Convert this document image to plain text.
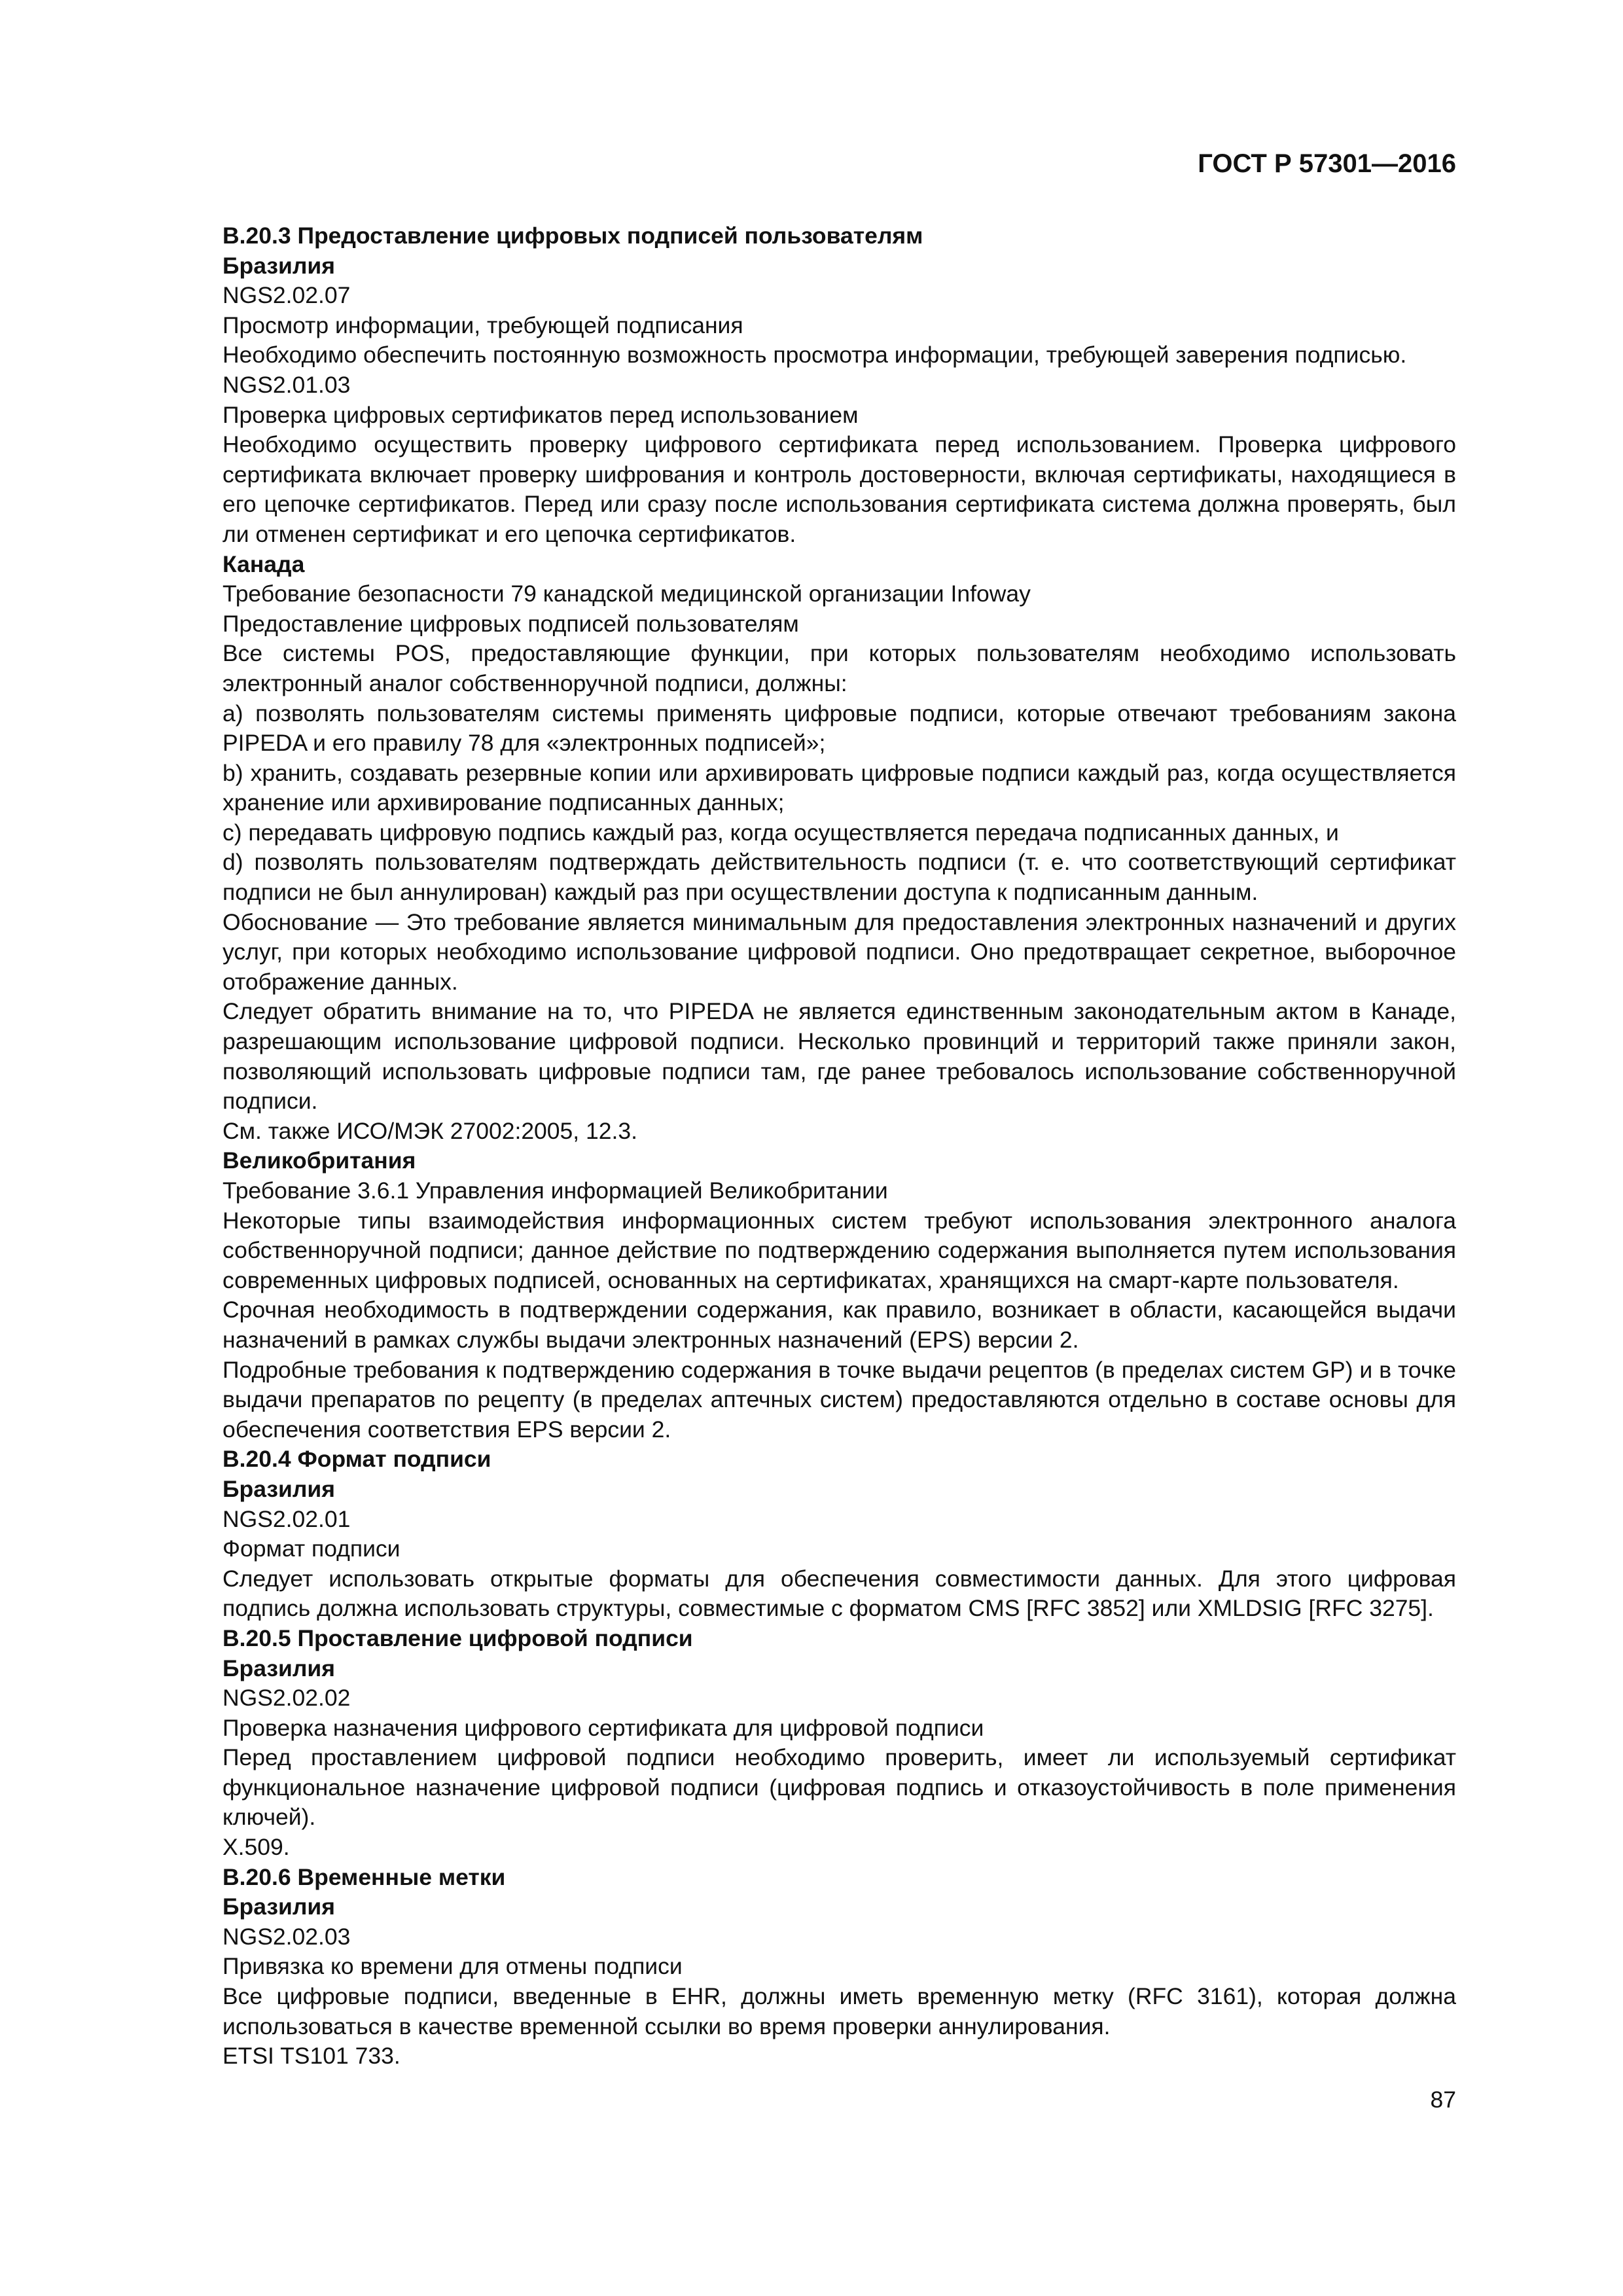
ГОСТ Р 57301—2016

В.20.3 Предоставление цифровых подписей пользователям

Бразилия

NGS2.02.07

Просмотр информации, требующей подписания

Необходимо обеспечить постоянную возможность просмотра информации, требующей заверения подписью.

NGS2.01.03

Проверка цифровых сертификатов перед использованием

Необходимо осуществить проверку цифрового сертификата перед использованием. Проверка цифрового сертификата включает проверку шифрования и контроль достоверности, включая сертификаты, находящиеся в его цепочке сертификатов. Перед или сразу после использования сертификата система должна проверять, был ли отменен сертификат и его цепочка сертификатов.

Канада

Требование безопасности 79 канадской медицинской организации Infoway

Предоставление цифровых подписей пользователям

Все системы POS, предоставляющие функции, при которых пользователям необходимо использовать электронный аналог собственноручной подписи, должны:

a) позволять пользователям системы применять цифровые подписи, которые отвечают требованиям закона PIPEDA и его правилу 78 для «электронных подписей»;

b) хранить, создавать резервные копии или архивировать цифровые подписи каждый раз, когда осуществляется хранение или архивирование подписанных данных;

c) передавать цифровую подпись каждый раз, когда осуществляется передача подписанных данных, и

d) позволять пользователям подтверждать действительность подписи (т. е. что соответствующий сертификат подписи не был аннулирован) каждый раз при осуществлении доступа к подписанным данным.

Обоснование — Это требование является минимальным для предоставления электронных назначений и других услуг, при которых необходимо использование цифровой подписи. Оно предотвращает секретное, выборочное отображение данных.

Следует обратить внимание на то, что PIPEDA не является единственным законодательным актом в Канаде, разрешающим использование цифровой подписи. Несколько провинций и территорий также приняли закон, позволяющий использовать цифровые подписи там, где ранее требовалось использование собственноручной подписи.

См. также ИСО/МЭК 27002:2005, 12.3.

Великобритания

Требование 3.6.1 Управления информацией Великобритании

Некоторые типы взаимодействия информационных систем требуют использования электронного аналога собственноручной подписи; данное действие по подтверждению содержания выполняется путем использования современных цифровых подписей, основанных на сертификатах, хранящихся на смарт-карте пользователя.

Срочная необходимость в подтверждении содержания, как правило, возникает в области, касающейся выдачи назначений в рамках службы выдачи электронных назначений (EPS) версии 2.

Подробные требования к подтверждению содержания в точке выдачи рецептов (в пределах систем GP) и в точке выдачи препаратов по рецепту (в пределах аптечных систем) предоставляются отдельно в составе основы для обеспечения соответствия EPS версии 2.

В.20.4 Формат подписи

Бразилия

NGS2.02.01

Формат подписи

Следует использовать открытые форматы для обеспечения совместимости данных. Для этого цифровая подпись должна использовать структуры, совместимые с форматом CMS [RFC 3852] или XMLDSIG [RFC 3275].

В.20.5 Проставление цифровой подписи

Бразилия

NGS2.02.02

Проверка назначения цифрового сертификата для цифровой подписи

Перед проставлением цифровой подписи необходимо проверить, имеет ли используемый сертификат функциональное назначение цифровой подписи (цифровая подпись и отказоустойчивость в поле применения ключей).

X.509.

В.20.6 Временные метки

Бразилия

NGS2.02.03

Привязка ко времени для отмены подписи

Все цифровые подписи, введенные в EHR, должны иметь временную метку (RFC 3161), которая должна использоваться в качестве временной ссылки во время проверки аннулирования.

ETSI TS101 733.

87
